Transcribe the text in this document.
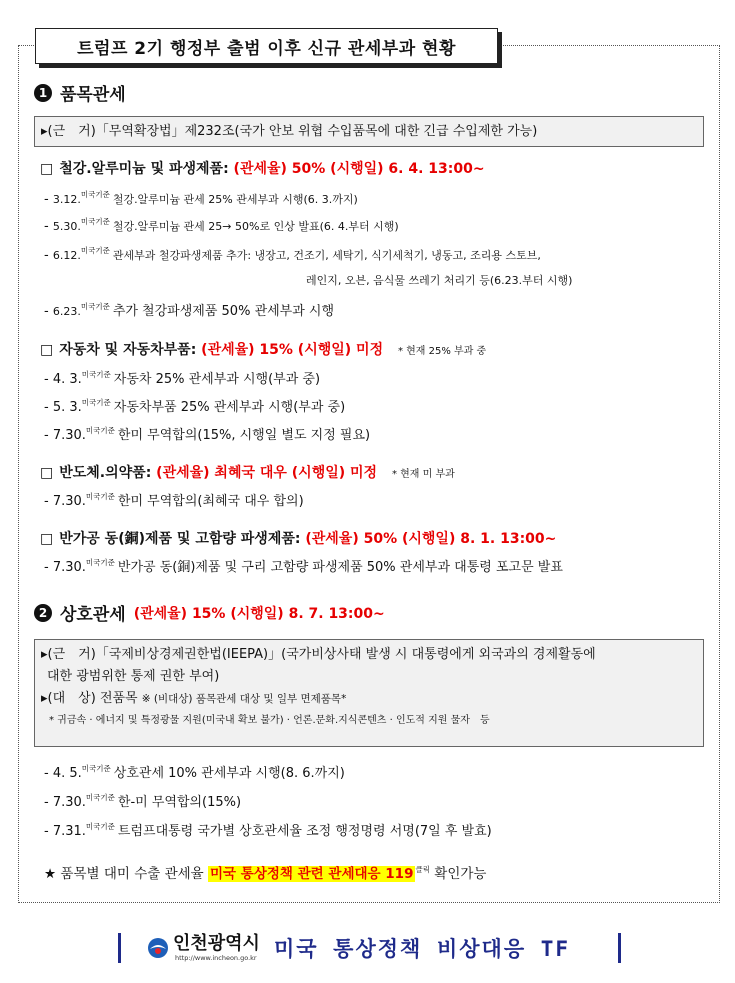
트럼프 2기 행정부 출범 이후 신규 관세부과 현황
1 품목관세
▸(근　거)「무역확장법」제232조(국가 안보 위협 수입품목에 대한 긴급 수입제한 가능)
□ 철강.알루미늄 및 파생제품: (관세율) 50% (시행일) 6. 4. 13:00~
- 3.12.$^{미국기준}$ 철강.알루미늄 관세 25% 관세부과 시행(6. 3.까지)
- 5.30.$^{미국기준}$ 철강.알루미늄 관세 25→ 50%로 인상 발표(6. 4.부터 시행)
- 6.12.$^{미국기준}$ 관세부과 철강파생제품 추가: 냉장고, 건조기, 세탁기, 식기세척기, 냉동고, 조리용 스토브,
레인지, 오븐, 음식물 쓰레기 처리기 등(6.23.부터 시행)
- 6.23.$^{미국기준}$ 추가 철강파생제품 50% 관세부과 시행
□ 자동차 및 자동차부품: (관세율) 15% (시행일) 미정 * 현재 25% 부과 중
- 4. 3.$^{미국기준}$ 자동차 25% 관세부과 시행(부과 중)
- 5. 3.$^{미국기준}$ 자동차부품 25% 관세부과 시행(부과 중)
- 7.30.$^{미국기준}$ 한미 무역합의(15%, 시행일 별도 지정 필요)
□ 반도체.의약품: (관세율) 최혜국 대우 (시행일) 미정 * 현재 미 부과
- 7.30.$^{미국기준}$ 한미 무역합의(최혜국 대우 합의)
□ 반가공 동(銅)제품 및 고함량 파생제품: (관세율) 50% (시행일) 8. 1. 13:00~
- 7.30.$^{미국기준}$ 반가공 동(銅)제품 및 구리 고함량 파생제품 50% 관세부과 대통령 포고문 발표
2 상호관세 (관세율) 15% (시행일) 8. 7. 13:00~
▸(근　거)「국제비상경제권한법(IEEPA)」(국가비상사태 발생 시 대통령에게 외국과의 경제활동에
대한 광범위한 통제 권한 부여)
▸(대　상) 전품목 ※ (비대상) 품목관세 대상 및 일부 면제품목*
* 귀금속 · 에너지 및 특정광물 지원(미국내 확보 불가) · 언론.문화.지식콘텐츠 · 인도적 지원 물자　등
- 4. 5.$^{미국기준}$ 상호관세 10% 관세부과 시행(8. 6.까지)
- 7.30.$^{미국기준}$ 한-미 무역합의(15%)
- 7.31.$^{미국기준}$ 트럼프대통령 국가별 상호관세율 조정 행정명령 서명(7일 후 발효)
★ 품목별 대미 수출 관세율 미국 통상정책 관련 관세대응 119 $^{클릭}$ 확인가능
인천광역시
http://www.incheon.go.kr 미국 통상정책 비상대응 TF
